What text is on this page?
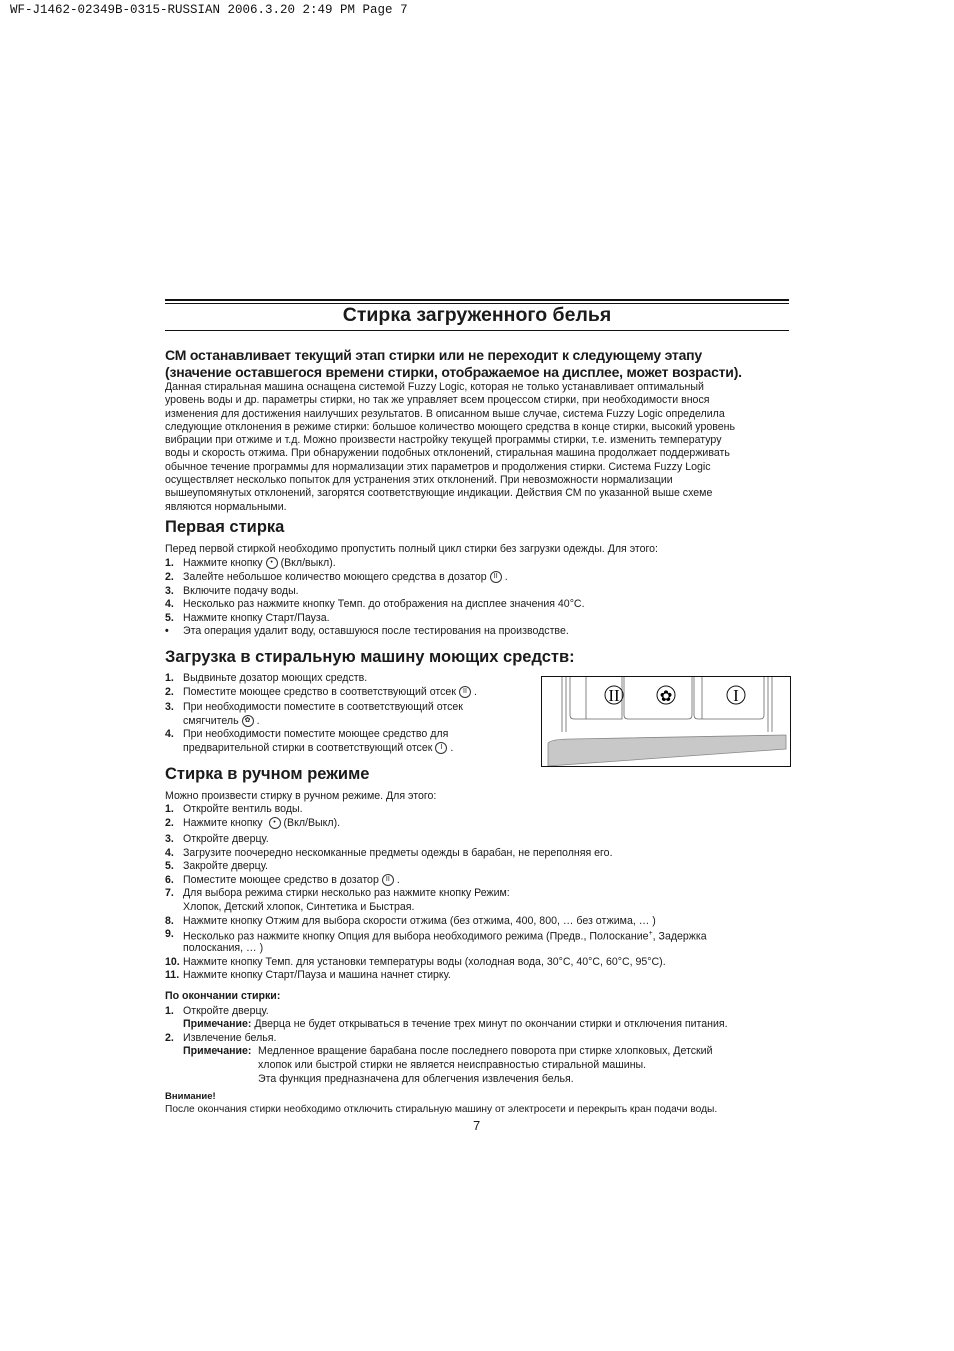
WF-J1462-02349B-0315-RUSSIAN 2006.3.20 2:49 PM Page 7
Стирка загруженного белья
СМ останавливает текущий этап стирки или не переходит к следующему этапу
(значение оставшегося времени стирки, отображаемое на дисплее, может возрасти).
Данная стиральная машина оснащена системой Fuzzy Logic, которая не только устанавливает оптимальный
уровень воды и др. параметры стирки, но так же управляет всем процессом стирки, при необходимости внося
изменения для достижения наилучших результатов. В описанном выше случае, система Fuzzy Logic определила
следующие отклонения в режиме стирки: большое количество моющего средства в конце стирки, высокий уровень
вибрации при отжиме и т.д. Можно произвести настройку текущей программы стирки, т.е. изменить температуру
воды и скорость отжима. При обнаружении подобных отклонений, стиральная машина продолжает поддерживать
обычное течение программы для нормализации этих параметров и продолжения стирки. Система Fuzzy Logic
осуществляет несколько попыток для устранения этих отклонений. При невозможности нормализации
вышеупомянутых отклонений, загорятся соответствующие индикации. Действия СМ по указанной выше схеме
являются нормальными.
Первая стирка
Перед первой стиркой необходимо пропустить полный цикл стирки без загрузки одежды. Для этого:
1. Нажмите кнопку • (Вкл/выкл).
2. Залейте небольшое количество моющего средства в дозатор II .
3. Включите подачу воды.
4. Несколько раз нажмите кнопку Темп. до отображения на дисплее значения 40°C.
5. Нажмите кнопку Старт/Пауза.
• Эта операция удалит воду, оставшуюся после тестирования на производстве.
Загрузка в стиральную машину моющих средств:
1. Выдвиньте дозатор моющих средств.
2. Поместите моющее средство в соответствующий отсек II .
3. При необходимости поместите в соответствующий отсек
смягчитель ✿ .
4. При необходимости поместите моющее средство для
предварительной стирки в соответствующий отсек I .
II	✿	I
Стирка в ручном режиме
Можно произвести стирку в ручном режиме. Для этого:
1. Откройте вентиль воды.
2. Нажмите кнопку • (Вкл/Выкл).
3. Откройте дверцу.
4. Загрузите поочередно нескомканные предметы одежды в барабан, не переполняя его.
5. Закройте дверцу.
6. Поместите моющее средство в дозатор II .
7. Для выбора режима стирки несколько раз нажмите кнопку Режим:
Хлопок, Детский хлопок, Синтетика и Быстрая.
8. Нажмите кнопку Отжим для выбора скорости отжима (без отжима, 400, 800, … без отжима, … )
9. Несколько раз нажмите кнопку Опция для выбора необходимого режима (Предв., Полоскание+, Задержка
полоскания, … )
10. Нажмите кнопку Темп. для установки температуры воды (холодная вода, 30°C, 40°C, 60°C, 95°C).
11. Нажмите кнопку Старт/Пауза и машина начнет стирку.
По окончании стирки:
1. Откройте дверцу.
Примечание: Дверца не будет открываться в течение трех минут по окончании стирки и отключения питания.
2. Извлечение белья.
Примечание: Медленное вращение барабана после последнего поворота при стирке хлопковых, Детский
хлопок или быстрой стирки не является неисправностью стиральной машины.
Эта функция предназначена для облегчения извлечения белья.
Внимание!
После окончания стирки необходимо отключить стиральную машину от электросети и перекрыть кран подачи воды.
7
